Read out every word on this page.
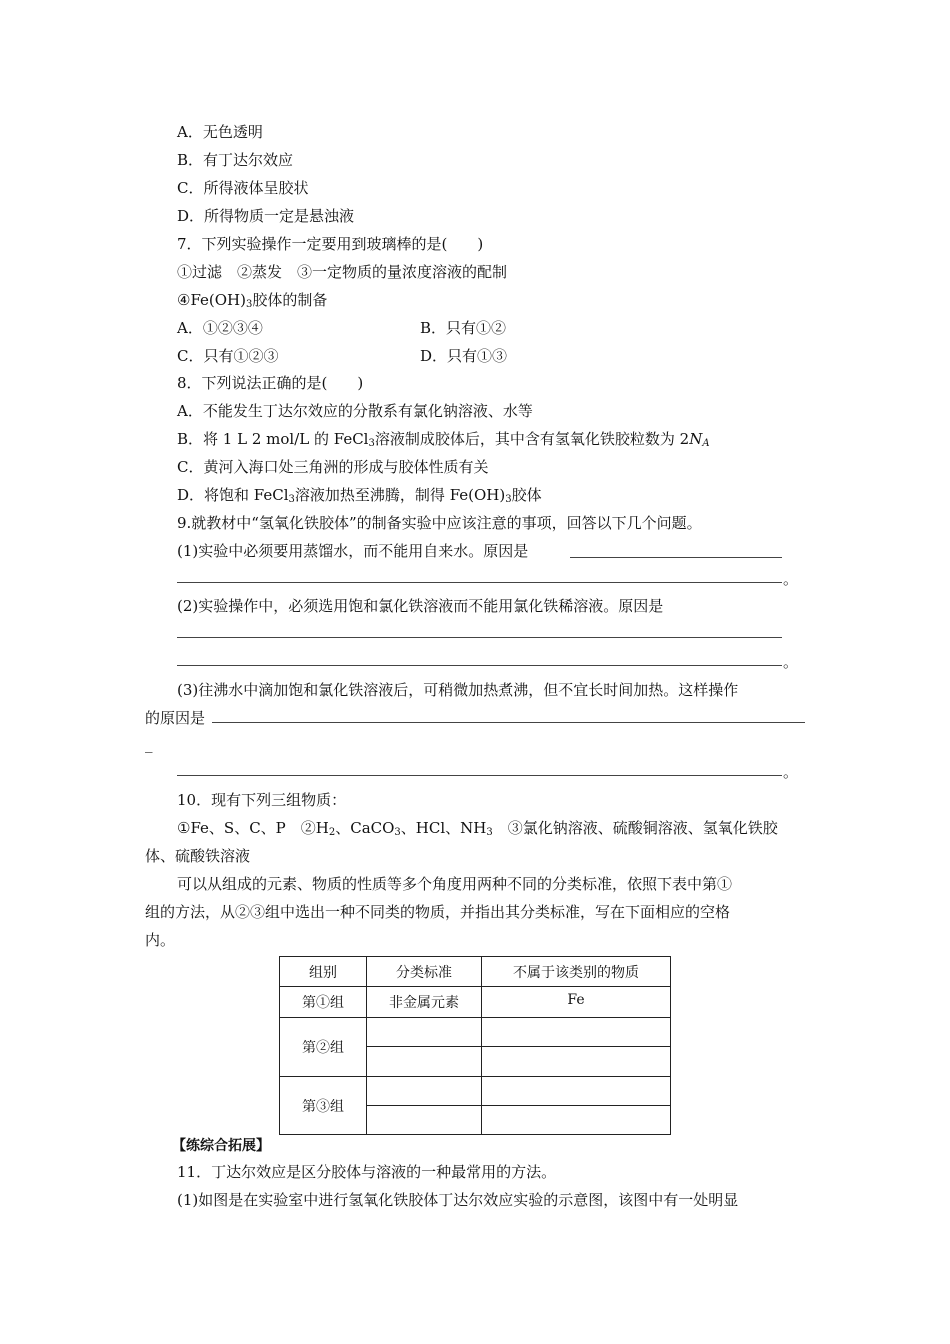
A．无色透明
B．有丁达尔效应
C．所得液体呈胶状
D．所得物质一定是悬浊液
7．下列实验操作一定要用到玻璃棒的是(　　)
①过滤　②蒸发　③一定物质的量浓度溶液的配制
$④Fe(OH)_3$胶体的制备
A．①②③④	B．只有①②
C．只有①②③	D．只有①③
8．下列说法正确的是(　　)
A．不能发生丁达尔效应的分散系有氯化钠溶液、水等
B．将 1 L 2 mol/L 的 FeCl$_3$溶液制成胶体后，其中含有氢氧化铁胶粒数为 $2N_A$
C．黄河入海口处三角洲的形成与胶体性质有关
D．将饱和 FeCl$_3$溶液加热至沸腾，制得 $Fe(OH)_3$胶体
9.就教材中“氢氧化铁胶体”的制备实验中应该注意的事项，回答以下几个问题。
(1)实验中必须要用蒸馏水，而不能用自来水。原因是
。
(2)实验操作中，必须选用饱和氯化铁溶液而不能用氯化铁稀溶液。原因是
。
(3)往沸水中滴加饱和氯化铁溶液后，可稍微加热煮沸，但不宜长时间加热。这样操作
的原因是
_
。
10．现有下列三组物质：
①Fe、S、C、P　$②H_2$、CaCO$_3$、HCl、$NH_3$　③氯化钠溶液、硫酸铜溶液、氢氧化铁胶
体、硫酸铁溶液
可以从组成的元素、物质的性质等多个角度用两种不同的分类标准，依照下表中第①
组的方法，从②③组中选出一种不同类的物质，并指出其分类标准，写在下面相应的空格
内。
组别	分类标准	不属于该类别的物质
第①组	非金属元素	Fe
第②组		

第③组		

【练综合拓展】
11．丁达尔效应是区分胶体与溶液的一种最常用的方法。
(1)如图是在实验室中进行氢氧化铁胶体丁达尔效应实验的示意图，该图中有一处明显
